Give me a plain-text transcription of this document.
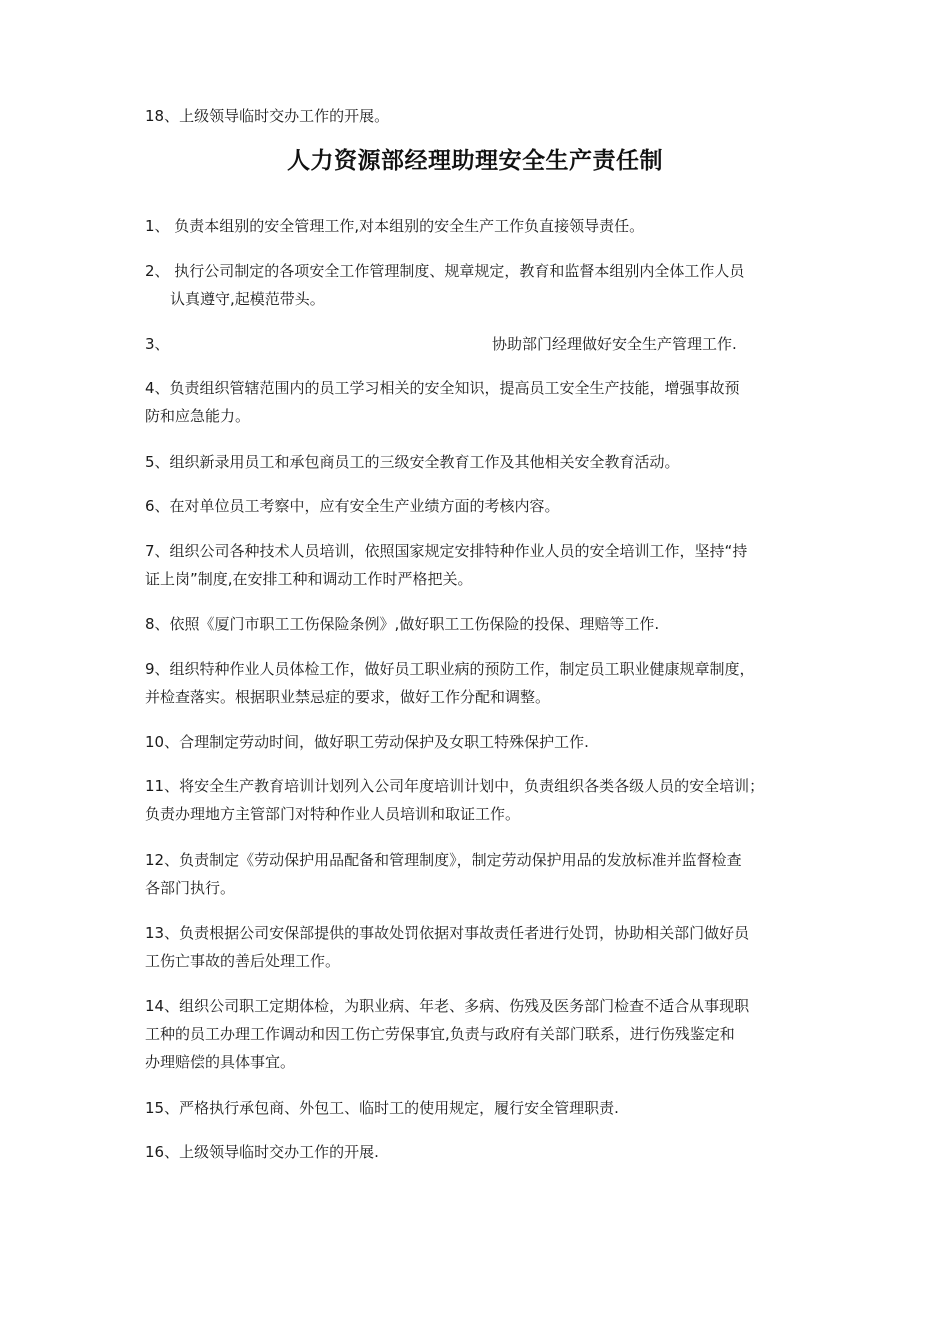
18、上级领导临时交办工作的开展。
人力资源部经理助理安全生产责任制
1、 负责本组别的安全管理工作,对本组别的安全生产工作负直接领导责任。
2、 执行公司制定的各项安全工作管理制度、规章规定，教育和监督本组别内全体工作人员
认真遵守,起模范带头。
3、	协助部门经理做好安全生产管理工作.
4、负责组织管辖范围内的员工学习相关的安全知识，提高员工安全生产技能，增强事故预
防和应急能力。
5、组织新录用员工和承包商员工的三级安全教育工作及其他相关安全教育活动。
6、在对单位员工考察中，应有安全生产业绩方面的考核内容。
7、组织公司各种技术人员培训，依照国家规定安排特种作业人员的安全培训工作，坚持“持
证上岗”制度,在安排工种和调动工作时严格把关。
8、依照《厦门市职工工伤保险条例》,做好职工工伤保险的投保、理赔等工作.
9、组织特种作业人员体检工作，做好员工职业病的预防工作，制定员工职业健康规章制度，
并检查落实。根据职业禁忌症的要求，做好工作分配和调整。
10、合理制定劳动时间，做好职工劳动保护及女职工特殊保护工作.
11、将安全生产教育培训计划列入公司年度培训计划中，负责组织各类各级人员的安全培训；
负责办理地方主管部门对特种作业人员培训和取证工作。
12、负责制定《劳动保护用品配备和管理制度》，制定劳动保护用品的发放标准并监督检查
各部门执行。
13、负责根据公司安保部提供的事故处罚依据对事故责任者进行处罚，协助相关部门做好员
工伤亡事故的善后处理工作。
14、组织公司职工定期体检，为职业病、年老、多病、伤残及医务部门检查不适合从事现职
工种的员工办理工作调动和因工伤亡劳保事宜,负责与政府有关部门联系，进行伤残鉴定和
办理赔偿的具体事宜。
15、严格执行承包商、外包工、临时工的使用规定，履行安全管理职责.
16、上级领导临时交办工作的开展.
